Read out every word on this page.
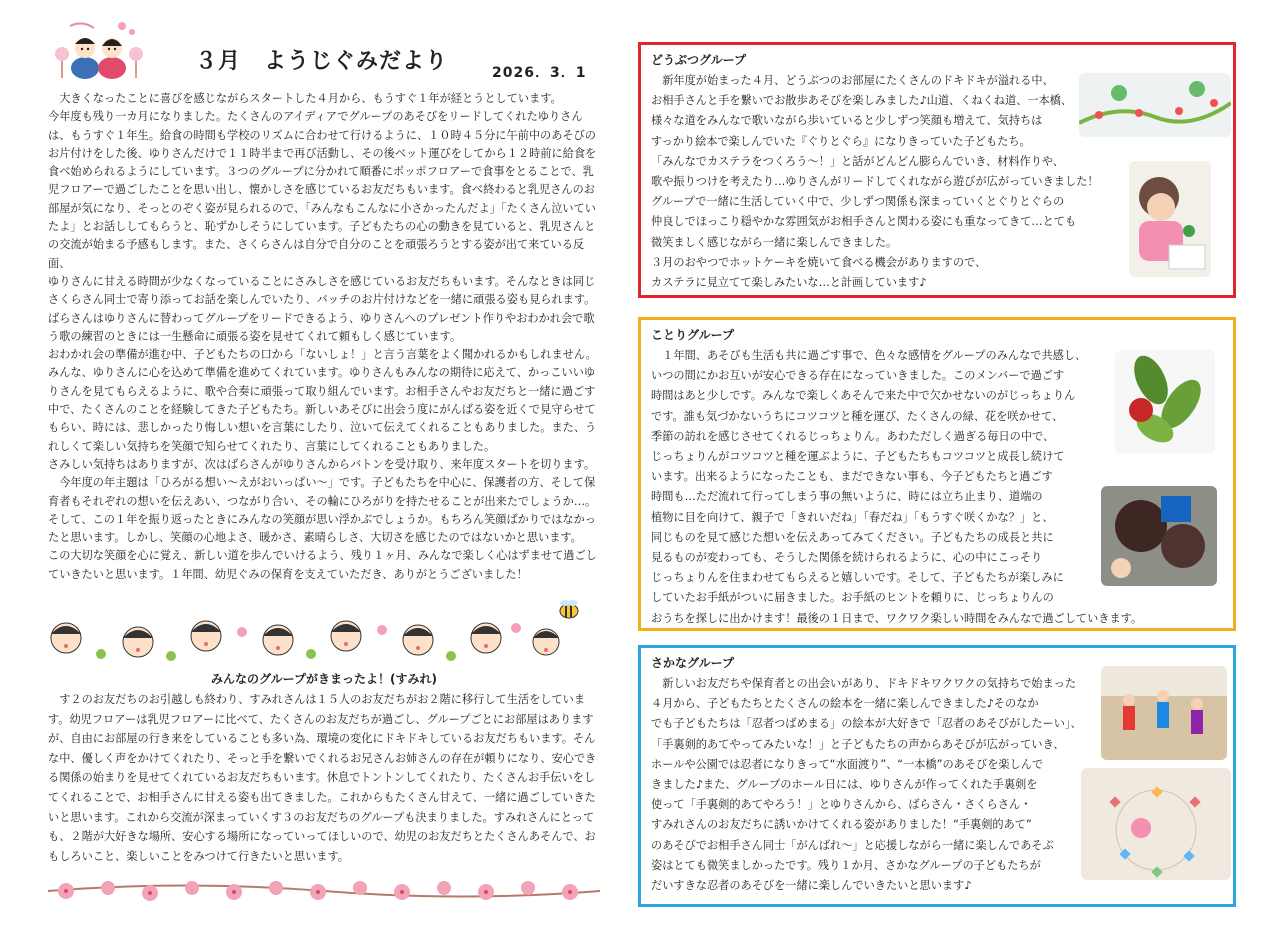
３月　ようじぐみだより	2026．3．1
　大きくなったことに喜びを感じながらスタートした４月から、もうすぐ１年が経とうとしています。
今年度も残り一カ月になりました。たくさんのアイディアでグループのあそびをリードしてくれたゆりさん
は、もうすぐ１年生。給食の時間も学校のリズムに合わせて行けるように、１０時４５分に午前中のあそびの
お片付けをした後、ゆりさんだけで１１時半まで再び活動し、その後ベット運びをしてから１２時前に給食を
食べ始められるようにしています。３つのグループに分かれて順番にポッポフロアーで食事をとることで、乳
児フロアーで過ごしたことを思い出し、懐かしさを感じているお友だちもいます。食べ終わると乳児さんのお
部屋が気になり、そっとのぞく姿が見られるので、「みんなもこんなに小さかったんだよ」「たくさん泣いてい
たよ」とお話ししてもらうと、恥ずかしそうにしています。子どもたちの心の動きを見ていると、乳児さんと
の交流が始まる予感もします。また、さくらさんは自分で自分のことを頑張ろうとする姿が出て来ている反面、
ゆりさんに甘える時間が少なくなっていることにさみしさを感じているお友だちもいます。そんなときは同じ
さくらさん同士で寄り添ってお話を楽しんでいたり、バッチのお片付けなどを一緒に頑張る姿も見られます。
ばらさんはゆりさんに替わってグループをリードできるよう、ゆりさんへのプレゼント作りやおわかれ会で歌
う歌の練習のときには一生懸命に頑張る姿を見せてくれて頼もしく感じています。
おわかれ会の準備が進む中、子どもたちの口から「ないしょ！」と言う言葉をよく聞かれるかもしれません。
みんな、ゆりさんに心を込めて準備を進めてくれています。ゆりさんもみんなの期待に応えて、かっこいいゆ
りさんを見てもらえるように、歌や合奏に頑張って取り組んでいます。お相手さんやお友だちと一緒に過ごす
中で、たくさんのことを経験してきた子どもたち。新しいあそびに出会う度にがんばる姿を近くで見守らせて
もらい、時には、悲しかったり悔しい想いを言葉にしたり、泣いて伝えてくれることもありました。また、う
れしくて楽しい気持ちを笑顔で知らせてくれたり、言葉にしてくれることもありました。
さみしい気持ちはありますが、次はばらさんがゆりさんからバトンを受け取り、来年度スタートを切ります。
　今年度の年主題は「ひろがる想い～えがおいっぱい～」です。子どもたちを中心に、保護者の方、そして保
育者もそれぞれの想いを伝えあい、つながり合い、その輪にひろがりを持たせることが出来たでしょうか…。
そして、この１年を振り返ったときにみんなの笑顔が思い浮かぶでしょうか。もちろん笑顔ばかりではなかっ
たと思います。しかし、笑顔の心地よさ、暖かさ、素晴らしさ、大切さを感じたのではないかと思います。
この大切な笑顔を心に覚え、新しい道を歩んでいけるよう、残り１ヶ月、みんなで楽しく心はずませて過ごし
ていきたいと思います。１年間、幼児ぐみの保育を支えていただき、ありがとうございました！
みんなのグループがきまったよ！(すみれ)
　す２のお友だちのお引越しも終わり、すみれさんは１５人のお友だちがお２階に移行して生活をしていま
す。幼児フロアーは乳児フロアーに比べて、たくさんのお友だちが過ごし、グループごとにお部屋はあります
が、自由にお部屋の行き来をしていることも多い為、環境の変化にドキドキしているお友だちもいます。そん
な中、優しく声をかけてくれたり、そっと手を繋いでくれるお兄さんお姉さんの存在が頼りになり、安心でき
る関係の始まりを見せてくれているお友だちもいます。休息でトントンしてくれたり、たくさんお手伝いをし
てくれることで、お相手さんに甘える姿も出てきました。これからもたくさん甘えて、一緒に過ごしていきた
いと思います。これから交流が深まっていくす３のお友だちのグループも決まりました。すみれさんにとって
も、２階が大好きな場所、安心する場所になっていってほしいので、幼児のお友だちとたくさんあそんで、お
もしろいこと、楽しいことをみつけて行きたいと思います。
どうぶつグループ
　新年度が始まった４月、どうぶつのお部屋にたくさんのドキドキが溢れる中、
お相手さんと手を繋いでお散歩あそびを楽しみました♪山道、くねくね道、一本橋、
様々な道をみんなで歌いながら歩いていると少しずつ笑顔も増えて、気持ちは
すっかり絵本で楽しんでいた『ぐりとぐら』になりきっていた子どもたち。
「みんなでカステラをつくろう～！」と話がどんどん膨らんでいき、材料作りや、
歌や振りつけを考えたり…ゆりさんがリードしてくれながら遊びが広がっていきました！
グループで一緒に生活していく中で、少しずつ関係も深まっていくとぐりとぐらの
仲良しでほっこり穏やかな雰囲気がお相手さんと関わる姿にも重なってきて…とても
微笑ましく感じながら一緒に楽しんできました。
３月のおやつでホットケーキを焼いて食べる機会がありますので、
カステラに見立てて楽しみたいな…と計画しています♪
ことりグループ
　１年間、あそびも生活も共に過ごす事で、色々な感情をグループのみんなで共感し、
いつの間にかお互いが安心できる存在になっていきました。このメンバーで過ごす
時間はあと少しです。みんなで楽しくあそんで来た中で欠かせないのがじっちょりん
です。誰も気づかないうちにコツコツと種を運び、たくさんの緑、花を咲かせて、
季節の訪れを感じさせてくれるじっちょりん。あわただしく過ぎる毎日の中で、
じっちょりんがコツコツと種を運ぶように、子どもたちもコツコツと成長し続けて
います。出来るようになったことも、まだできない事も、今子どもたちと過ごす
時間も…ただ流れて行ってしまう事の無いように、時には立ち止まり、道端の
植物に目を向けて、親子で「きれいだね」「春だね」「もうすぐ咲くかな？」と、
同じものを見て感じた想いを伝えあってみてください。子どもたちの成長と共に
見るものが変わっても、そうした関係を続けられるように、心の中にこっそり
じっちょりんを住まわせてもらえると嬉しいです。そして、子どもたちが楽しみに
していたお手紙がついに届きました。お手紙のヒントを頼りに、じっちょりんの
おうちを探しに出かけます！最後の１日まで、ワクワク楽しい時間をみんなで過ごしていきます。
さかなグループ
　新しいお友だちや保育者との出会いがあり、ドキドキワクワクの気持ちで始まった
４月から、子どもたちとたくさんの絵本を一緒に楽しんできました♪そのなか
でも子どもたちは「忍者つばめまる」の絵本が大好きで「忍者のあそびがしたーい」、
「手裏剣的あてやってみたいな！」と子どもたちの声からあそびが広がっていき、
ホールや公園では忍者になりきって“水面渡り”、“一本橋”のあそびを楽しんで
きました♪また、グループのホール日には、ゆりさんが作ってくれた手裏剣を
使って「手裏剣的あてやろう！」とゆりさんから、ばらさん・さくらさん・
すみれさんのお友だちに誘いかけてくれる姿がありました！“手裏剣的あて”
のあそびでお相手さん同士「がんばれ～」と応援しながら一緒に楽しんであそぶ
姿はとても微笑ましかったです。残り１か月、さかなグループの子どもたちが
だいすきな忍者のあそびを一緒に楽しんでいきたいと思います♪
